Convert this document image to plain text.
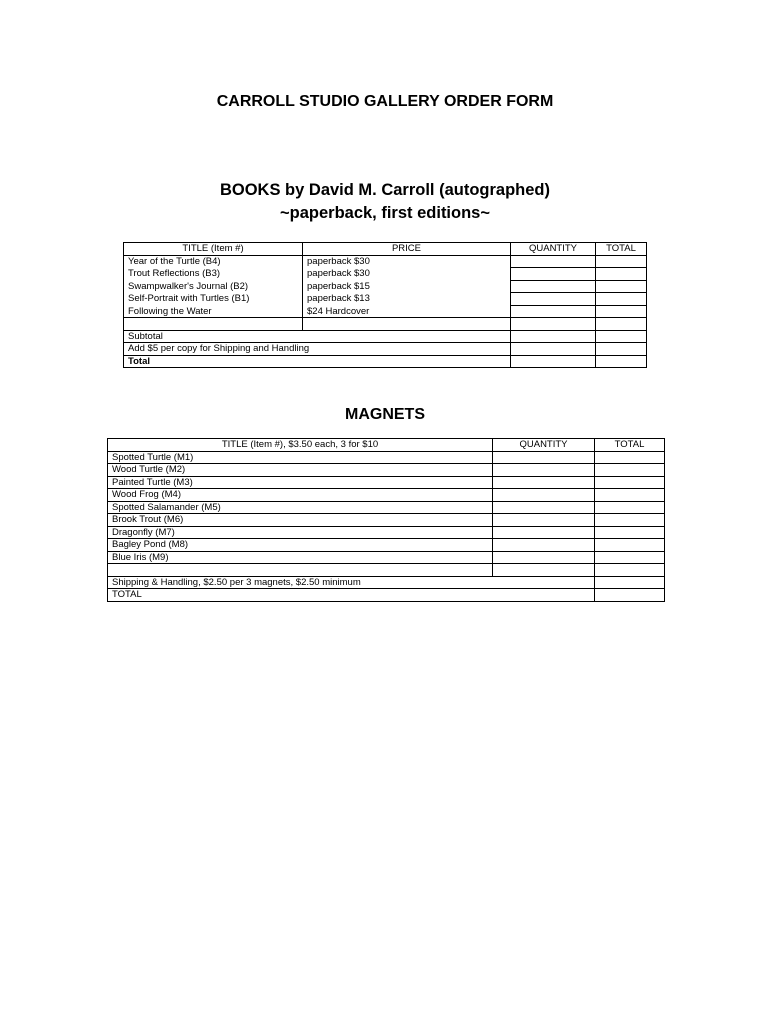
CARROLL STUDIO GALLERY ORDER FORM
BOOKS by David M. Carroll (autographed)
~paperback, first editions~
TITLE (Item #)	PRICE	QUANTITY	TOTAL
Year of the Turtle (B4)	paperback $30		
Trout Reflections (B3)	paperback $30		
Swampwalker's Journal (B2)	paperback $15		
Self-Portrait with Turtles (B1)	paperback $13		
Following the Water	$24 Hardcover		

Subtotal			
Add $5 per copy for Shipping and Handling			
Total			
MAGNETS
TITLE (Item #), $3.50 each, 3 for $10	QUANTITY	TOTAL
Spotted Turtle (M1)		
Wood Turtle (M2)		
Painted Turtle (M3)		
Wood Frog (M4)		
Spotted Salamander (M5)		
Brook Trout (M6)		
Dragonfly (M7)		
Bagley Pond (M8)		
Blue Iris (M9)		

Shipping & Handling, $2.50 per 3 magnets, $2.50 minimum		
TOTAL		
